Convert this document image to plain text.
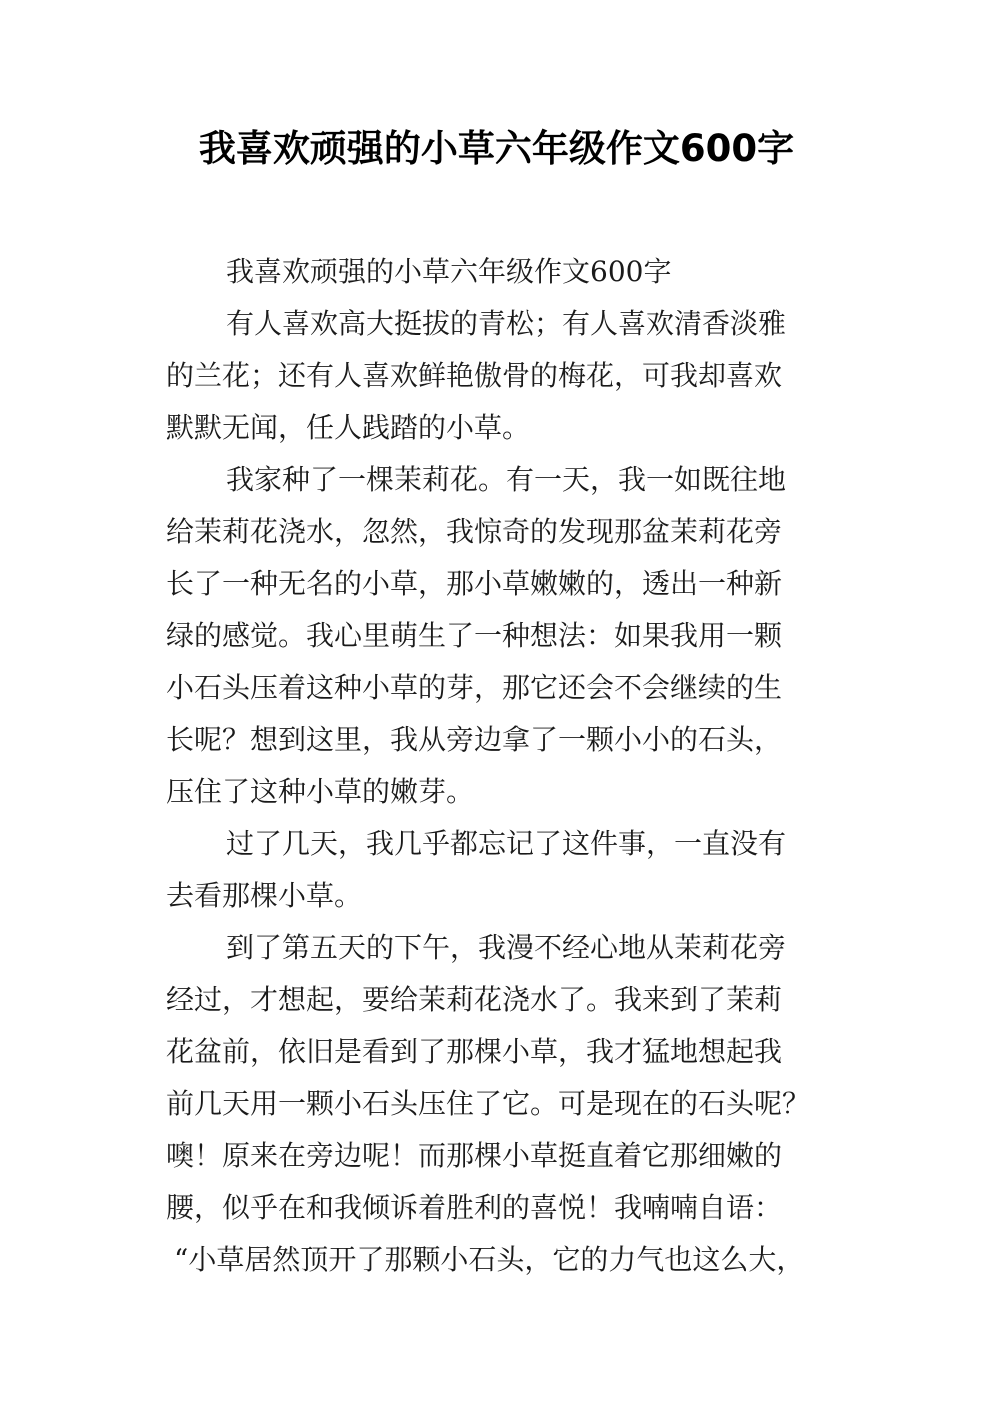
我喜欢顽强的小草六年级作文600字
我喜欢顽强的小草六年级作文600字
有人喜欢高大挺拔的青松；有人喜欢清香淡雅
的兰花；还有人喜欢鲜艳傲骨的梅花，可我却喜欢
默默无闻，任人践踏的小草。
我家种了一棵茉莉花。有一天，我一如既往地
给茉莉花浇水，忽然，我惊奇的发现那盆茉莉花旁
长了一种无名的小草，那小草嫩嫩的，透出一种新
绿的感觉。我心里萌生了一种想法：如果我用一颗
小石头压着这种小草的芽，那它还会不会继续的生
长呢？想到这里，我从旁边拿了一颗小小的石头，
压住了这种小草的嫩芽。
过了几天，我几乎都忘记了这件事，一直没有
去看那棵小草。
到了第五天的下午，我漫不经心地从茉莉花旁
经过，才想起，要给茉莉花浇水了。我来到了茉莉
花盆前，依旧是看到了那棵小草，我才猛地想起我
前几天用一颗小石头压住了它。可是现在的石头呢？
噢！原来在旁边呢！而那棵小草挺直着它那细嫩的
腰，似乎在和我倾诉着胜利的喜悦！我喃喃自语：
“小草居然顶开了那颗小石头，它的力气也这么大，
